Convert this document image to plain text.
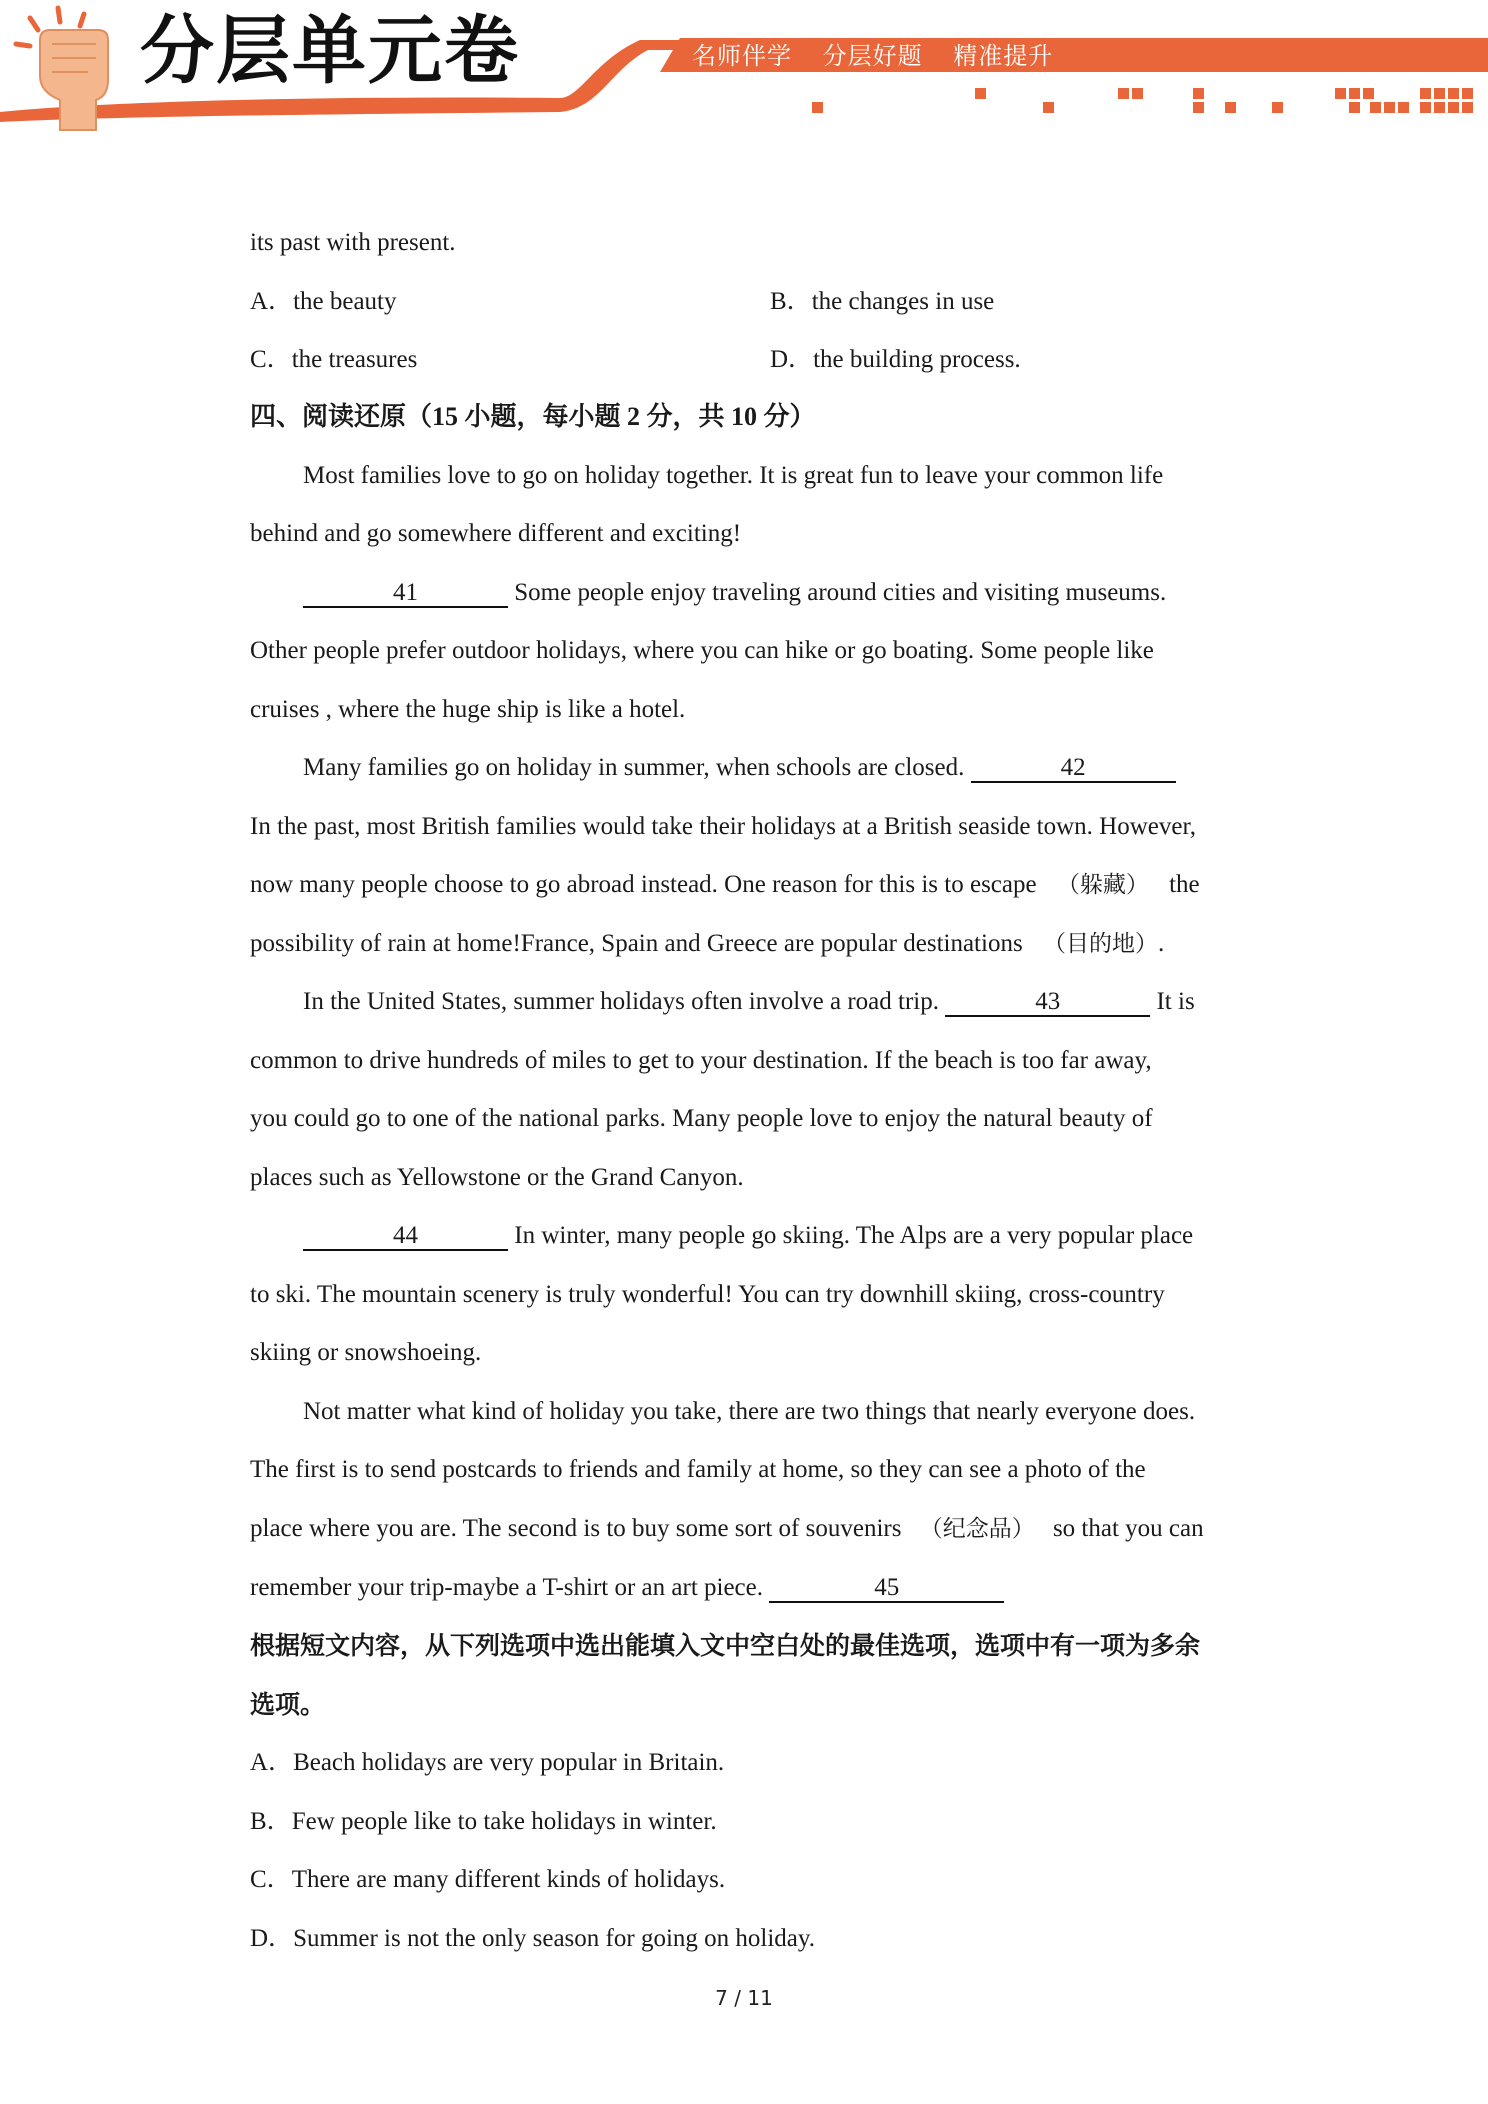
分层单元卷	名师伴学 分层好题 精准提升
its past with present.
A．the beauty	B．the changes in use
C．the treasures	D．the building process.
四、阅读还原（15 小题，每小题 2 分，共 10 分）
Most families love to go on holiday together. It is great fun to leave your common life
behind and go somewhere different and exciting!
41	Some people enjoy traveling around cities and visiting museums.
Other people prefer outdoor holidays, where you can hike or go boating. Some people like
cruises , where the huge ship is like a hotel.
Many families go on holiday in summer, when schools are closed.	42
In the past, most British families would take their holidays at a British seaside town. However,
now many people choose to go abroad instead. One reason for this is to escape （躲藏） the
possibility of rain at home!France, Spain and Greece are popular destinations （目的地）.
In the United States, summer holidays often involve a road trip.	43	It is
common to drive hundreds of miles to get to your destination. If the beach is too far away,
you could go to one of the national parks. Many people love to enjoy the natural beauty of
places such as Yellowstone or the Grand Canyon.
44	In winter, many people go skiing. The Alps are a very popular place
to ski. The mountain scenery is truly wonderful! You can try downhill skiing, cross-country
skiing or snowshoeing.
Not matter what kind of holiday you take, there are two things that nearly everyone does.
The first is to send postcards to friends and family at home, so they can see a photo of the
place where you are. The second is to buy some sort of souvenirs （纪念品） so that you can
remember your trip-maybe a T-shirt or an art piece.	45
根据短文内容，从下列选项中选出能填入文中空白处的最佳选项，选项中有一项为多余
选项。
A．Beach holidays are very popular in Britain.
B．Few people like to take holidays in winter.
C．There are many different kinds of holidays.
D．Summer is not the only season for going on holiday.
7 / 11
